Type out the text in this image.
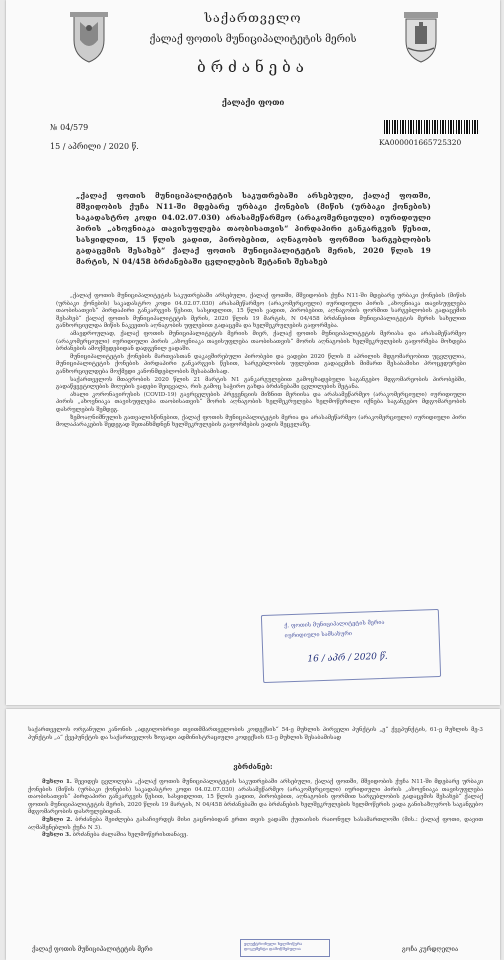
საქართველო
ქალაქ ფოთის მუნიციპალიტეტის მერის
ბრძანება
ქალაქი ფოთი
№ 04/579
15 / აპრილი / 2020 წ.	KA000001665725320
„ქალაქ ფოთის მუნიციპალიტეტის საკუთრებაში არსებული, ქალაქ ფოთში, მშვიდობის ქუჩა N11-ში მდებარე ურბაკი ქონების (მიწის (ურბაკი ქონების) საკადასტრო კოდი 04.02.07.030) არასამეწარმეო (არაკომერციული) იურიდიული პირის „ახოვნიაკა თავისუფლება თაობისათვის“ პირდაპირი განკარგვის წესით, სასყიდლით, 15 წლის ვადით, პირობებით, აღნაგობის ფორმით სარგებლობის გადაცემის შესახებ“ ქალაქ ფოთის მუნიციპალიტეტის მერის, 2020 წლის 19 მარტის, N 04/458 ბრძანებაში ცვლილების შეტანის შესახებ

„ქალაქ ფოთის მუნიციპალიტეტის საკუთრებაში არსებული, ქალაქ ფოთში, მშვიდობის ქუჩა N11-ში მდებარე ურბაკი ქონების (მიწის (ურბაკი ქონების) საკადასტრო კოდი 04.02.07.030) არასამეწარმეო (არაკომერციული) იურიდიული პირის „ახოვნიაკა თავისუფლება თაობისათვის“ პირდაპირი განკარგვის წესით, სასყიდლით, 15 წლის ვადით, პირობებით, აღნაგობის ფორმით სარგებლობის გადაცემის შესახებ“ ქალაქ ფოთის მუნიციპალიტეტის მერის, 2020 წლის 19 მარტის, N 04/458 ბრძანებით მუნიციპალიტეტის მერის სახელით განხორციელდა მიწის ნაკვეთის აღნაგობის უფლებით გადაცემა და ხელშეკრულების გაფორმება.

ამავდროულად, ქალაქ ფოთის მუნიციპალიტეტის მერიის მიერ, ქალაქ ფოთის მუნიციპალიტეტის მერიასა და არასამეწარმეო (არაკომერციული) იურიდიული პირის „ახოვნიაკა თავისუფლება თაობისათვის“ მორის აღნაგობის ხელშეკრულების გაფორმება მოხდება ბრძანების ამოქმედებიდან დადგენილ ვადაში.

მუნიციპალიტეტის ქონების მართვასთან დაკავშირებული პირობები და ვადები 2020 წლის 8 აპრილის მდგომარეობით უცვლელია, მუნიციპალიტეტის ქონების პირდაპირი განკარგვის წესით, სარგებლობის უფლებით გადაცემის მიმართ შესაბამისი პროცედურები განხორციელდება მოქმედი კანონმდებლობის შესაბამისად.

საქართველოს მთავრობის 2020 წლის 21 მარტის N1 განკარგულებით გამოცხადებული საგანგებო მდგომარეობის პირობებში, გადაწყვეტილების მიღების ვადები შეიცვალა, რის გამოც საჭირო გახდა ბრძანებაში ცვლილების შეტანა.

ახალი კორონავირუსის (COVID-19) გავრცელების პრევენციის მიზნით მერიისა და არასამეწარმეო (არაკომერციული) იურიდიული პირის „ახოვნიაკა თავისუფლება თაობისათვის“ შორის აღნაგობის ხელშეკრულება ხელმოწერილი იქნება საგანგებო მდგომარეობის დასრულების შემდეგ.

ზემოაღნიშნულის გათვალისწინებით, ქალაქ ფოთის მუნიციპალიტეტის მერია და არასამეწარმეო (არაკომერციული) იურიდიული პირი მოლაპარაკების შედეგად შეთანხმდნენ ხელშეკრულების გაფორმების ვადის შეცვლაზე.

ქ. ფოთის მუნიციპალიტეტის მერია
იურიდიული სამსახური
16 / აპრ / 2020 წ.
საქართველოს ორგანული კანონის „ადგილობრივი თვითმმართველობის კოდექსის“ 54-ე მუხლის პირველი პუნქტის „ე“ ქვეპუნქტის, 61-ე მუხლის მე-3 პუნქტის „ა“ ქვეპუნქტის და საქართველოს ზოგადი ადმინისტრაციული კოდექსის 63-ე მუხლის შესაბამისად
ვბრძანებ:

მუხლი 1. შევიდეს ცვლილება „ქალაქ ფოთის მუნიციპალიტეტის საკუთრებაში არსებული, ქალაქ ფოთში, მშვიდობის ქუჩა N11-ში მდებარე ურბაკი ქონების (მიწის (ურბაკი ქონების) საკადასტრო კოდი 04.02.07.030) არასამეწარმეო (არაკომერციული) იურიდიული პირის „ახოვნიაკა თავისუფლება თაობისათვის“ პირდაპირი განკარგვის წესით, სასყიდლით, 15 წლის ვადით, პირობებით, აღნაგობის ფორმით სარგებლობის გადაცემის შესახებ“ ქალაქ ფოთის მუნიციპალიტეტის მერის, 2020 წლის 19 მარტის, N 04/458 ბრძანებაში და ბრძანების ხელშეკრულების ხელმოწერის ვადა განისაზღვროს საგანგებო მდგომარეობის დასრულებიდან.

მუხლი 2. ბრძანება შეიძლება გასაჩივრდეს მისი გაცნობიდან ერთი თვის ვადაში ქუთაისის რაიონულ სასამართლოში (მის.: ქალაქ ფოთი, დავით აღმაშენებლის ქუჩა N 3).

მუხლი 3. ბრძანება ძალაშია ხელმოწერისთანავე.

ქალაქ ფოთის მუნიციპალიტეტის მერი
ელექტრონული ხელმოწერა დოკუმენტი დამოწმებულია	გოჩა კურდღელია
